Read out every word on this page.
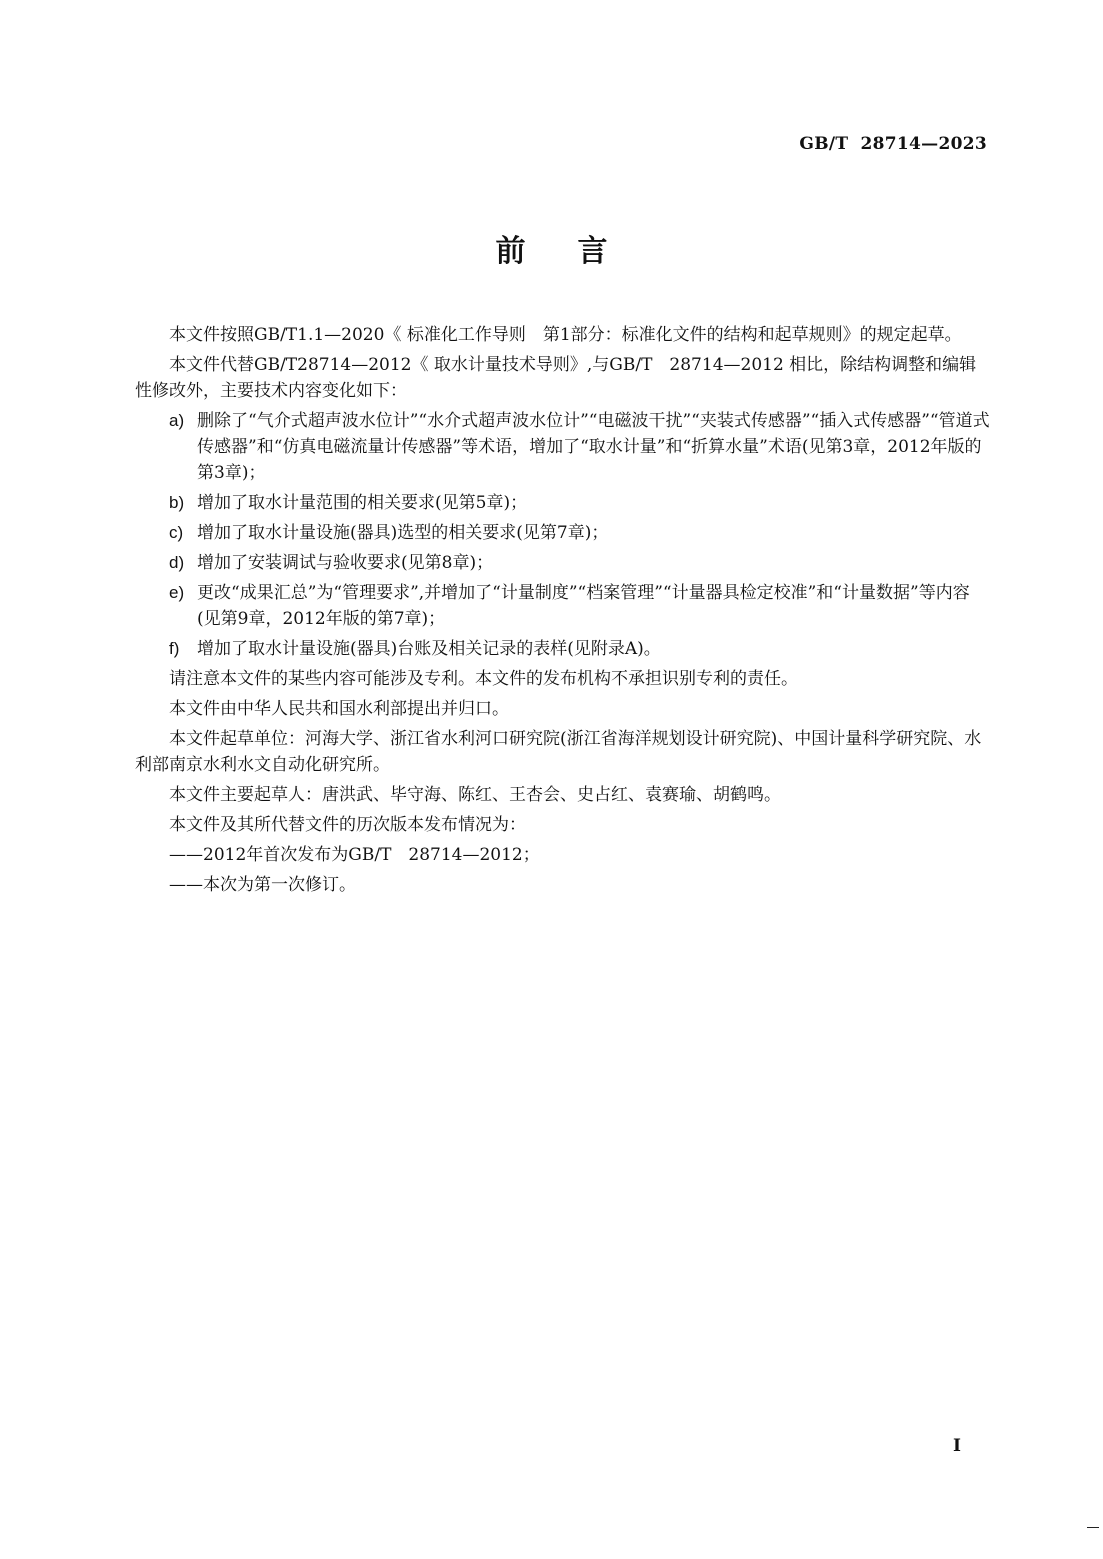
GB/T 28714—2023
前言

本文件按照GB/T1.1—2020《 标准化工作导则　第1部分：标准化文件的结构和起草规则》的规定起草。

本文件代替GB/T28714—2012《 取水计量技术导则》,与GB/T　28714—2012 相比，除结构调整和编辑性修改外，主要技术内容变化如下：

a) 删除了“气介式超声波水位计”“水介式超声波水位计”“电磁波干扰”“夹装式传感器”“插入式传感器”“管道式传感器”和“仿真电磁流量计传感器”等术语，增加了“取水计量”和“折算水量”术语(见第3章，2012年版的第3章)；
b) 增加了取水计量范围的相关要求(见第5章)；
c) 增加了取水计量设施(器具)选型的相关要求(见第7章)；
d) 增加了安装调试与验收要求(见第8章)；
e) 更改“成果汇总”为“管理要求”,并增加了“计量制度”“档案管理”“计量器具检定校准”和“计量数据”等内容(见第9章，2012年版的第7章)；
f) 增加了取水计量设施(器具)台账及相关记录的表样(见附录A)。

请注意本文件的某些内容可能涉及专利。本文件的发布机构不承担识别专利的责任。

本文件由中华人民共和国水利部提出并归口。

本文件起草单位：河海大学、浙江省水利河口研究院(浙江省海洋规划设计研究院)、中国计量科学研究院、水利部南京水利水文自动化研究所。

本文件主要起草人：唐洪武、毕守海、陈红、王杏会、史占红、袁赛瑜、胡鹤鸣。

本文件及其所代替文件的历次版本发布情况为：

——2012年首次发布为GB/T　28714—2012；

——本次为第一次修订。

I
